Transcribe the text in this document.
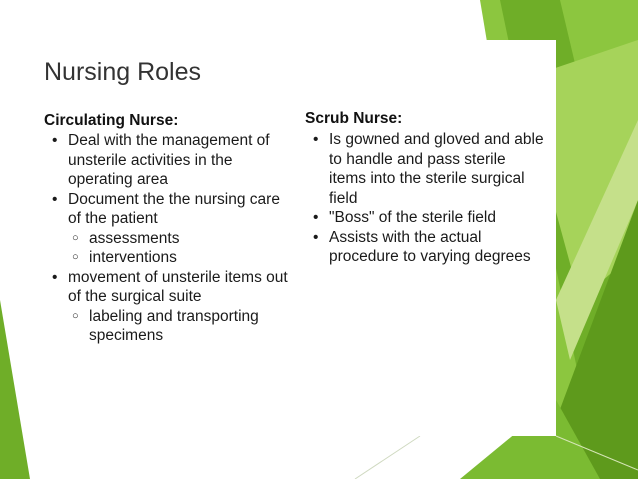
Nursing Roles
Circulating Nurse:
• Deal with the management of unsterile activities in the operating area
• Document the the nursing care of the patient
○ assessments
○ interventions
• movement of unsterile items out of the surgical suite
○ labeling and transporting specimens
Scrub Nurse:
• Is gowned and gloved and able to handle and pass sterile items into the sterile surgical field
• "Boss" of the sterile field
• Assists with the actual procedure to varying degrees
